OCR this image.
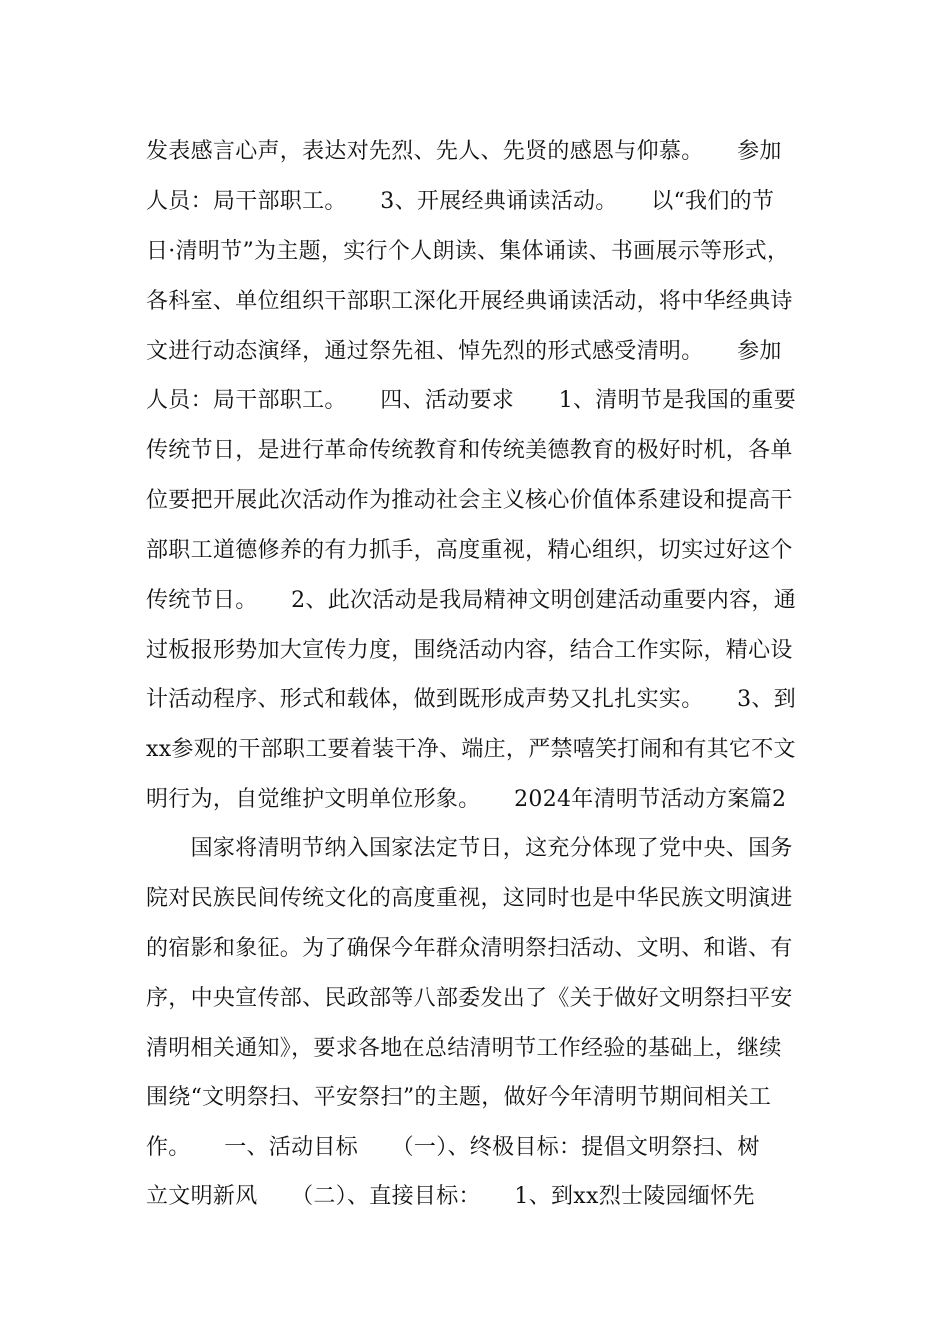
发表感言心声，表达对先烈、先人、先贤的感恩与仰慕。　　参加
人员：局干部职工。　　3、开展经典诵读活动。　　以“我们的节
日·清明节”为主题，实行个人朗读、集体诵读、书画展示等形式，
各科室、单位组织干部职工深化开展经典诵读活动，将中华经典诗
文进行动态演绎，通过祭先祖、悼先烈的形式感受清明。　　参加
人员：局干部职工。　　四、活动要求　　1、清明节是我国的重要
传统节日，是进行革命传统教育和传统美德教育的极好时机，各单
位要把开展此次活动作为推动社会主义核心价值体系建设和提高干
部职工道德修养的有力抓手，高度重视，精心组织，切实过好这个
传统节日。　　2、此次活动是我局精神文明创建活动重要内容，通
过板报形势加大宣传力度，围绕活动内容，结合工作实际，精心设
计活动程序、形式和载体，做到既形成声势又扎扎实实。　　3、到
xx参观的干部职工要着装干净、端庄，严禁嘻笑打闹和有其它不文
明行为，自觉维护文明单位形象。　　2024年清明节活动方案篇2
　　国家将清明节纳入国家法定节日，这充分体现了党中央、国务
院对民族民间传统文化的高度重视，这同时也是中华民族文明演进
的宿影和象征。为了确保今年群众清明祭扫活动、文明、和谐、有
序，中央宣传部、民政部等八部委发出了《关于做好文明祭扫平安
清明相关通知》，要求各地在总结清明节工作经验的基础上，继续
围绕“文明祭扫、平安祭扫”的主题，做好今年清明节期间相关工
作。　　一、活动目标　　（一）、终极目标：提倡文明祭扫、树
立文明新风　　（二）、直接目标：　　1、到xx烈士陵园缅怀先
